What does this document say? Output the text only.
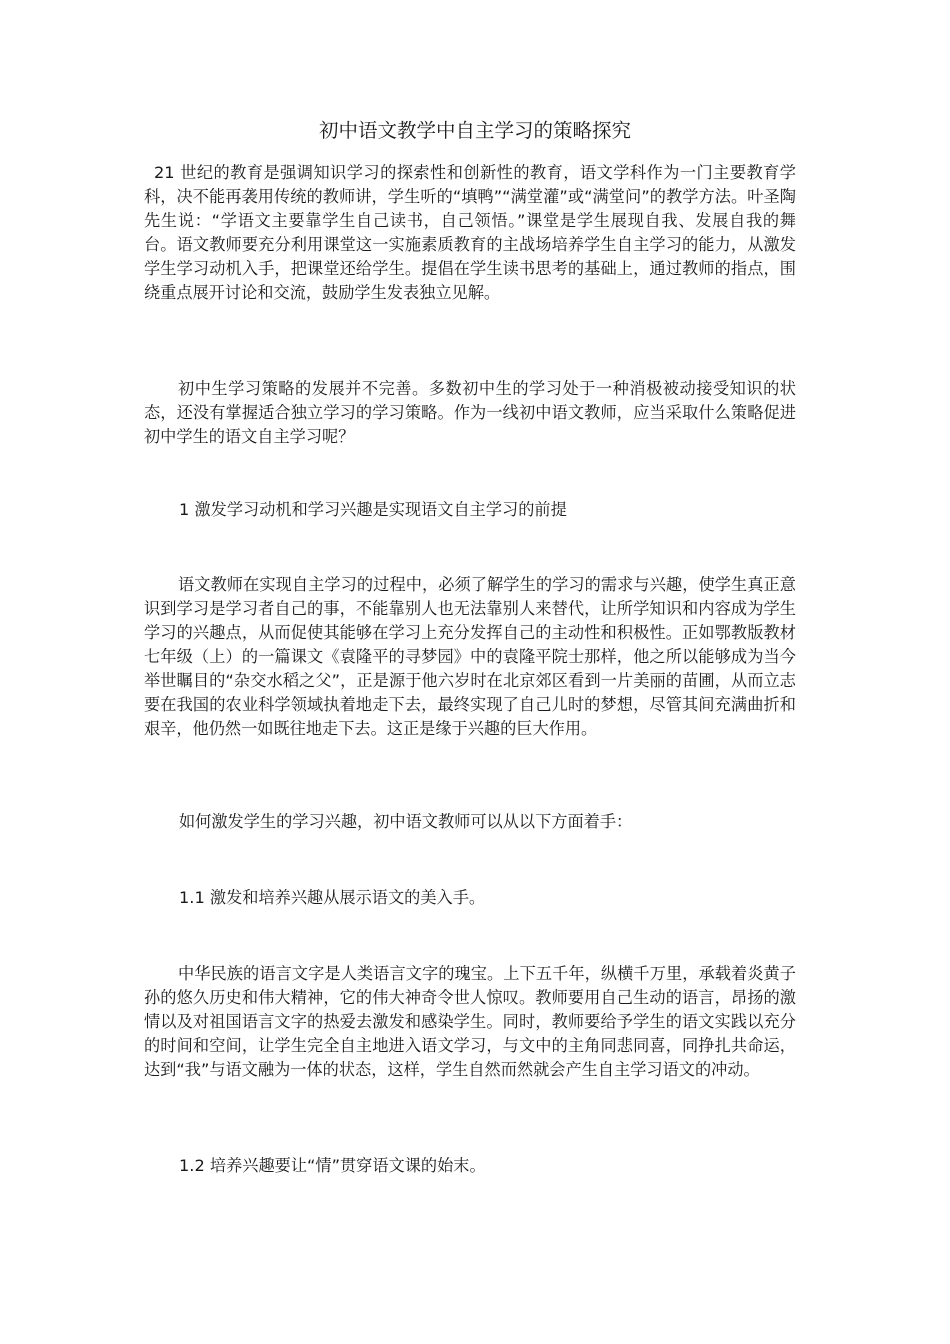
初中语文教学中自主学习的策略探究

21 世纪的教育是强调知识学习的探索性和创新性的教育，语文学科作为一门主要教育学科，决不能再袭用传统的教师讲，学生听的“填鸭”“满堂灌”或“满堂问”的教学方法。叶圣陶先生说：“学语文主要靠学生自己读书，自己领悟。”课堂是学生展现自我、发展自我的舞台。语文教师要充分利用课堂这一实施素质教育的主战场培养学生自主学习的能力，从激发学生学习动机入手，把课堂还给学生。提倡在学生读书思考的基础上，通过教师的指点，围绕重点展开讨论和交流，鼓励学生发表独立见解。

初中生学习策略的发展并不完善。多数初中生的学习处于一种消极被动接受知识的状态，还没有掌握适合独立学习的学习策略。作为一线初中语文教师，应当采取什么策略促进初中学生的语文自主学习呢？

1 激发学习动机和学习兴趣是实现语文自主学习的前提

语文教师在实现自主学习的过程中，必须了解学生的学习的需求与兴趣，使学生真正意识到学习是学习者自己的事，不能靠别人也无法靠别人来替代，让所学知识和内容成为学生学习的兴趣点，从而促使其能够在学习上充分发挥自己的主动性和积极性。正如鄂教版教材七年级（上）的一篇课文《袁隆平的寻梦园》中的袁隆平院士那样，他之所以能够成为当今举世瞩目的“杂交水稻之父”，正是源于他六岁时在北京郊区看到一片美丽的苗圃，从而立志要在我国的农业科学领域执着地走下去，最终实现了自己儿时的梦想，尽管其间充满曲折和艰辛，他仍然一如既往地走下去。这正是缘于兴趣的巨大作用。

如何激发学生的学习兴趣，初中语文教师可以从以下方面着手：

1.1 激发和培养兴趣从展示语文的美入手。

中华民族的语言文字是人类语言文字的瑰宝。上下五千年，纵横千万里，承载着炎黄子孙的悠久历史和伟大精神，它的伟大神奇令世人惊叹。教师要用自己生动的语言，昂扬的激情以及对祖国语言文字的热爱去激发和感染学生。同时，教师要给予学生的语文实践以充分的时间和空间，让学生完全自主地进入语文学习，与文中的主角同悲同喜，同挣扎共命运，达到“我”与语文融为一体的状态，这样，学生自然而然就会产生自主学习语文的冲动。

1.2 培养兴趣要让“情”贯穿语文课的始末。
